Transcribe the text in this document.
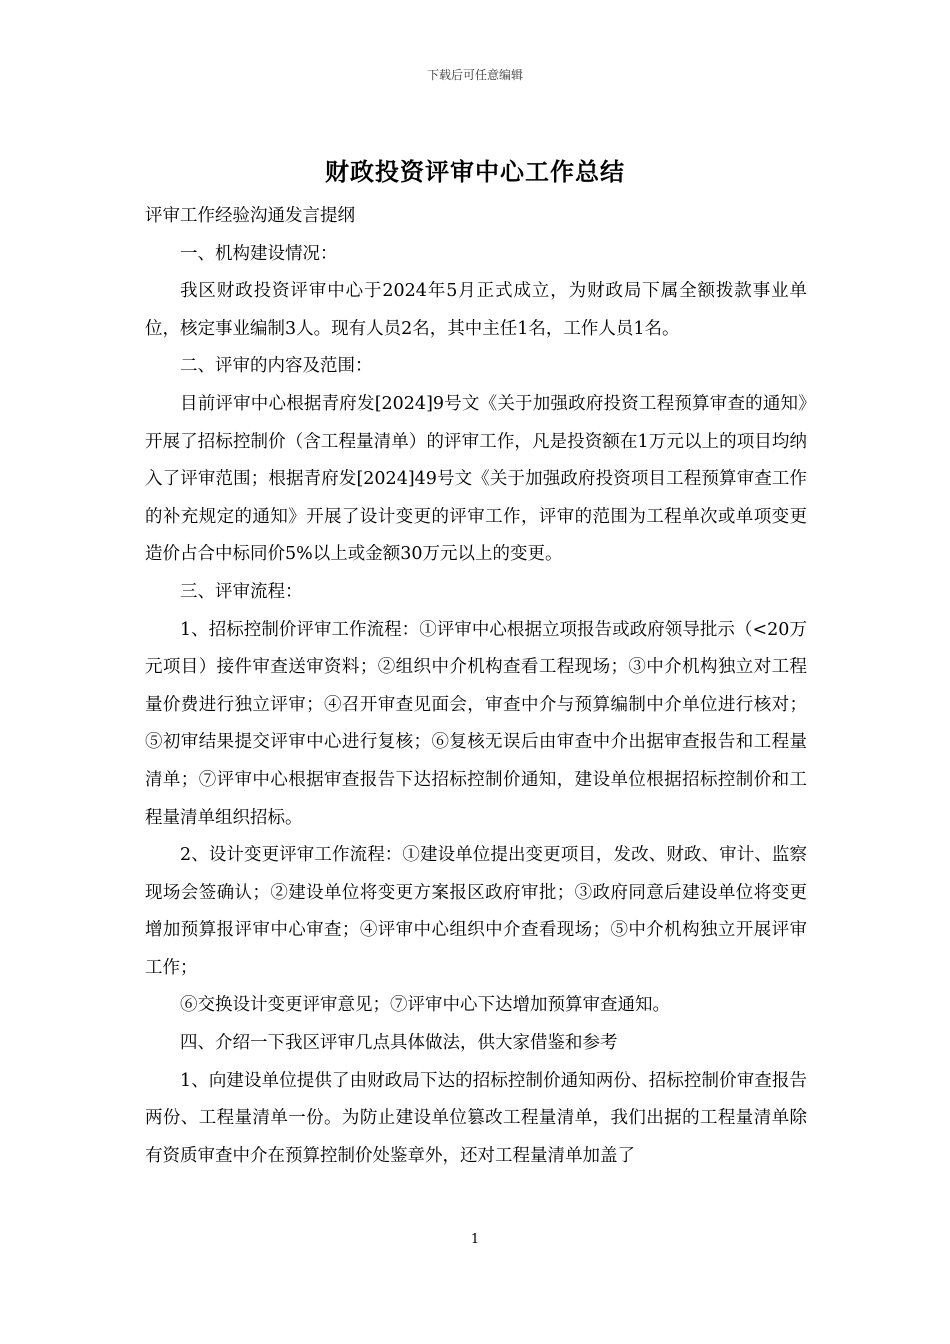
下载后可任意编辑
财政投资评审中心工作总结

评审工作经验沟通发言提纲

一、机构建设情况：

我区财政投资评审中心于2024年5月正式成立，为财政局下属全额拨款事业单位，核定事业编制3人。现有人员2名，其中主任1名，工作人员1名。

二、评审的内容及范围：

目前评审中心根据青府发[2024]9号文《关于加强政府投资工程预算审查的通知》开展了招标控制价（含工程量清单）的评审工作，凡是投资额在1万元以上的项目均纳入了评审范围；根据青府发[2024]49号文《关于加强政府投资项目工程预算审查工作的补充规定的通知》开展了设计变更的评审工作，评审的范围为工程单次或单项变更造价占合中标同价5%以上或金额30万元以上的变更。

三、评审流程：

1、招标控制价评审工作流程：①评审中心根据立项报告或政府领导批示（<20万元项目）接件审查送审资料；②组织中介机构查看工程现场；③中介机构独立对工程量价费进行独立评审；④召开审查见面会，审查中介与预算编制中介单位进行核对；⑤初审结果提交评审中心进行复核；⑥复核无误后由审查中介出据审查报告和工程量清单；⑦评审中心根据审查报告下达招标控制价通知，建设单位根据招标控制价和工程量清单组织招标。

2、设计变更评审工作流程：①建设单位提出变更项目，发改、财政、审计、监察现场会签确认；②建设单位将变更方案报区政府审批；③政府同意后建设单位将变更增加预算报评审中心审查；④评审中心组织中介查看现场；⑤中介机构独立开展评审工作；

⑥交换设计变更评审意见；⑦评审中心下达增加预算审查通知。

四、介绍一下我区评审几点具体做法，供大家借鉴和参考

1、向建设单位提供了由财政局下达的招标控制价通知两份、招标控制价审查报告两份、工程量清单一份。为防止建设单位篡改工程量清单，我们出据的工程量清单除有资质审查中介在预算控制价处鉴章外，还对工程量清单加盖了

1
